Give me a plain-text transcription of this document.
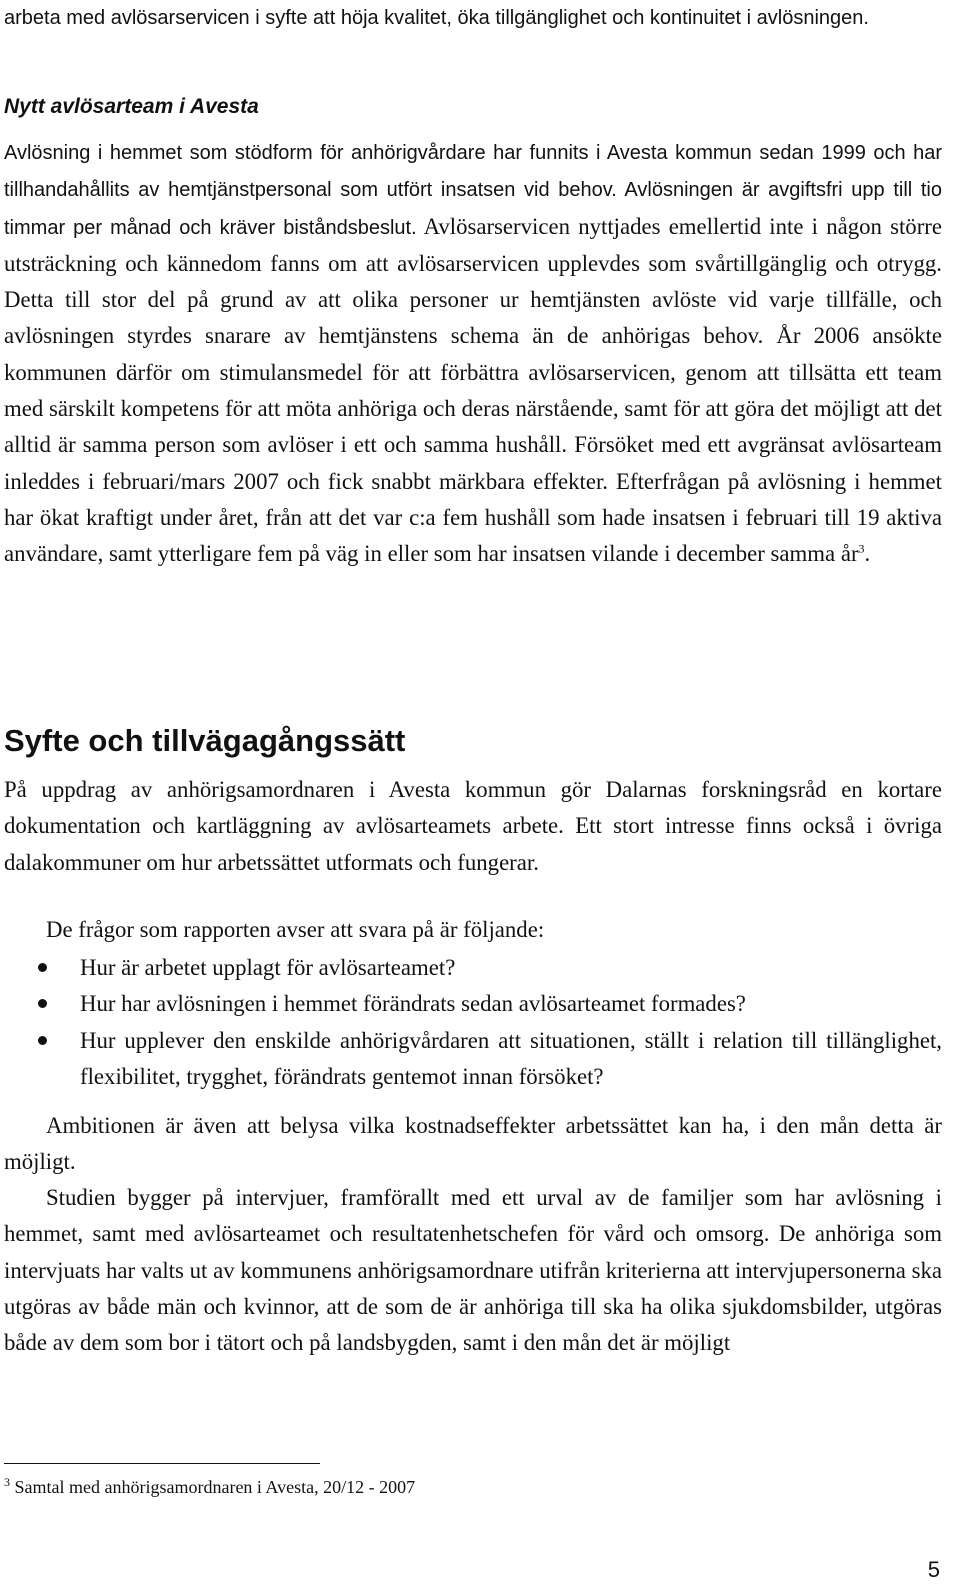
arbeta med avlösarservicen i syfte att höja kvalitet, öka tillgänglighet och kontinuitet i avlösningen.

Nytt avlösarteam i Avesta

Avlösning i hemmet som stödform för anhörigvårdare har funnits i Avesta kommun sedan 1999 och har tillhandahållits av hemtjänstpersonal som utfört insatsen vid behov. Avlösningen är avgiftsfri upp till tio timmar per månad och kräver biståndsbeslut. Avlösarservicen nyttjades emellertid inte i någon större utsträckning och kännedom fanns om att avlösarservicen upplevdes som svårtillgänglig och otrygg. Detta till stor del på grund av att olika personer ur hemtjänsten avlöste vid varje tillfälle, och avlösningen styrdes snarare av hemtjänstens schema än de anhörigas behov. År 2006 ansökte kommunen därför om stimulansmedel för att förbättra avlösarservicen, genom att tillsätta ett team med särskilt kompetens för att möta anhöriga och deras närstående, samt för att göra det möjligt att det alltid är samma person som avlöser i ett och samma hushåll. Försöket med ett avgränsat avlösarteam inleddes i februari/mars 2007 och fick snabbt märkbara effekter. Efterfrågan på avlösning i hemmet har ökat kraftigt under året, från att det var c:a fem hushåll som hade insatsen i februari till 19 aktiva användare, samt ytterligare fem på väg in eller som har insatsen vilande i december samma år$^3$.

Syfte och tillvägagångssätt

På uppdrag av anhörigsamordnaren i Avesta kommun gör Dalarnas forskningsråd en kortare dokumentation och kartläggning av avlösarteamets arbete. Ett stort intresse finns också i övriga dalakommuner om hur arbetssättet utformats och fungerar.

De frågor som rapporten avser att svara på är följande:

Hur är arbetet upplagt för avlösarteamet?
Hur har avlösningen i hemmet förändrats sedan avlösarteamet formades?
Hur upplever den enskilde anhörigvårdaren att situationen, ställt i relation till tillänglighet, flexibilitet, trygghet, förändrats gentemot innan försöket?

Ambitionen är även att belysa vilka kostnadseffekter arbetssättet kan ha, i den mån detta är möjligt.

Studien bygger på intervjuer, framförallt med ett urval av de familjer som har avlösning i hemmet, samt med avlösarteamet och resultatenhetschefen för vård och omsorg. De anhöriga som intervjuats har valts ut av kommunens anhörigsamordnare utifrån kriterierna att intervjupersonerna ska utgöras av både män och kvinnor, att de som de är anhöriga till ska ha olika sjukdomsbilder, utgöras både av dem som bor i tätort och på landsbygden, samt i den mån det är möjligt

$^3$ Samtal med anhörigsamordnaren i Avesta, 20/12 - 2007
5
